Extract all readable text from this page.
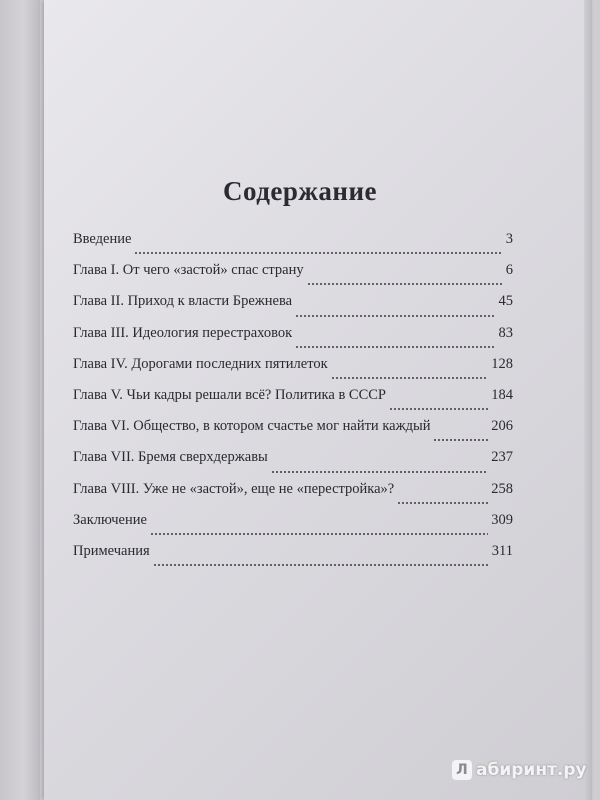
Содержание
Введение	3
Глава I. От чего «застой» спас страну	6
Глава II. Приход к власти Брежнева	45
Глава III. Идеология перестраховок	83
Глава IV. Дорогами последних пятилеток	128
Глава V. Чьи кадры решали всё? Политика в СССР	184
Глава VI. Общество, в котором счастье мог найти каждый	206
Глава VII. Бремя сверхдержавы	237
Глава VIII. Уже не «застой», еще не «перестройка»?	258
Заключение	309
Примечания	311
Л абиринт.ру
